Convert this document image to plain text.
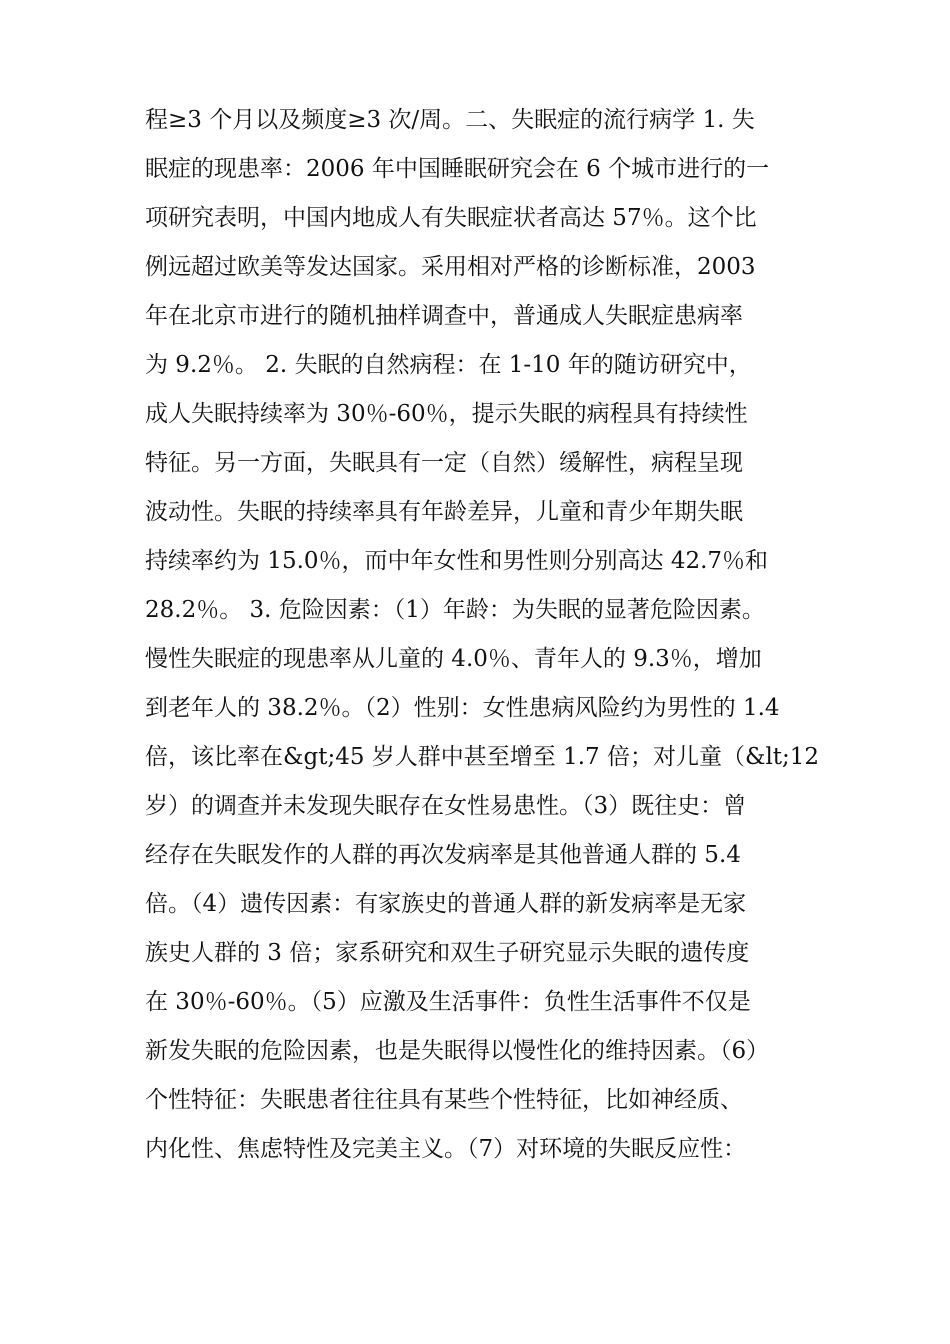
程≥3 个月以及频度≥3 次/周。二、失眠症的流行病学 1. 失
眠症的现患率：2006 年中国睡眠研究会在 6 个城市进行的一
项研究表明，中国内地成人有失眠症状者高达 57％。这个比
例远超过欧美等发达国家。采用相对严格的诊断标准，2003
年在北京市进行的随机抽样调查中，普通成人失眠症患病率
为 9.2％。 2. 失眠的自然病程：在 1-10 年的随访研究中，
成人失眠持续率为 30％-60％，提示失眠的病程具有持续性
特征。另一方面，失眠具有一定（自然）缓解性，病程呈现
波动性。失眠的持续率具有年龄差异，儿童和青少年期失眠
持续率约为 15.0％，而中年女性和男性则分别高达 42.7％和
28.2％。 3. 危险因素：（1）年龄：为失眠的显著危险因素。
慢性失眠症的现患率从儿童的 4.0％、青年人的 9.3％，增加
到老年人的 38.2％。（2）性别：女性患病风险约为男性的 1.4
倍，该比率在&gt;45 岁人群中甚至增至 1.7 倍；对儿童（&lt;12
岁）的调查并未发现失眠存在女性易患性。（3）既往史：曾
经存在失眠发作的人群的再次发病率是其他普通人群的 5.4
倍。（4）遗传因素：有家族史的普通人群的新发病率是无家
族史人群的 3 倍；家系研究和双生子研究显示失眠的遗传度
在 30％-60％。（5）应激及生活事件：负性生活事件不仅是
新发失眠的危险因素，也是失眠得以慢性化的维持因素。（6）
个性特征：失眠患者往往具有某些个性特征，比如神经质、
内化性、焦虑特性及完美主义。（7）对环境的失眠反应性：
